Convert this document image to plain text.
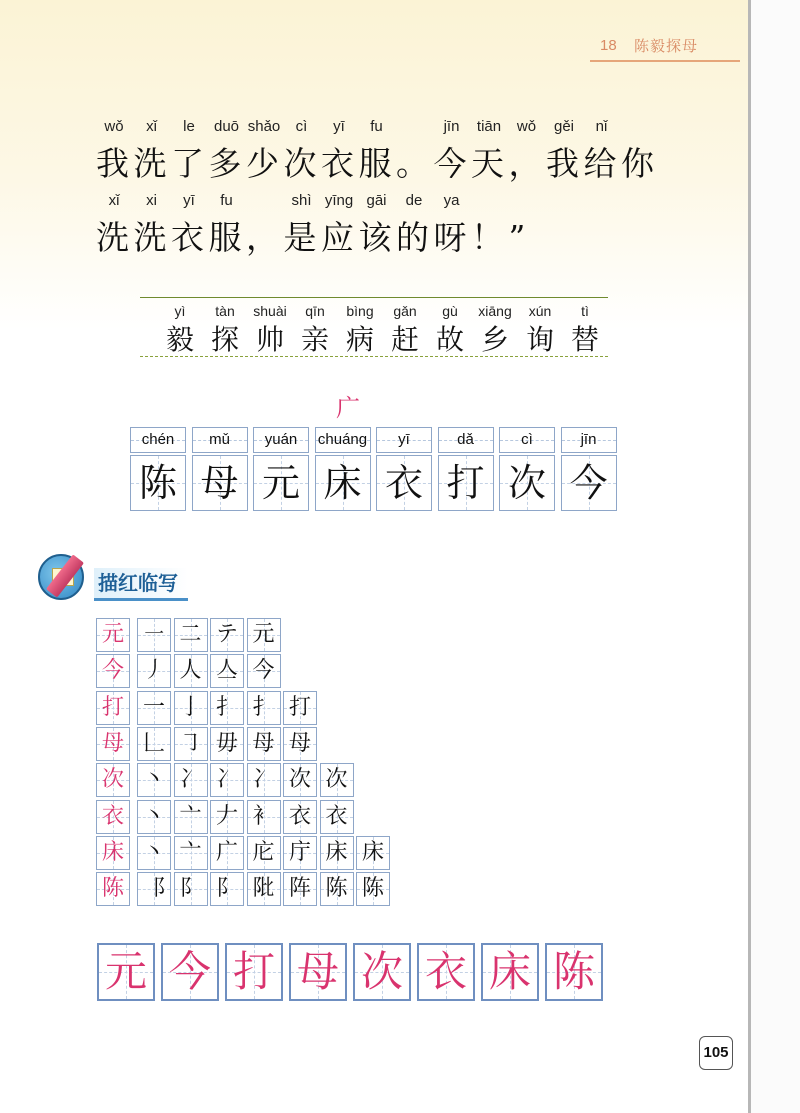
18 陈毅探母
我洗了多少次衣服。今天，我给你
wǒ xǐ le duō shǎo cì yī fu	jīn tiān wǒ gěi nǐ
洗洗衣服，是应该的呀！”
xǐ xi yī fu	shì yīng gāi de ya
yì
毅
tàn
探
shuài
帅
qīn
亲
bìng
病
gǎn
赶
gù
故
xiāng
乡
xún
询
tì
替
广
chén
陈
mǔ
母
yuán
元
chuáng
床
yī
衣
dǎ
打
cì
次
jīn
今
描红临写
元 ㇐ 二 テ 元
今 丿 人 亼 今
打 一 亅 扌 扌 打
母 𠃊 ㇆ 毋 母 母
次 丶 冫 冫 冫 次 次
衣 丶 亠 𠂇 衤 衣 衣
床 丶 亠 广 庀 庁 床 床
陈 ⻏ 阝 阝 阰 阵 陈 陈
元 今 打 母 次 衣 床 陈
105
